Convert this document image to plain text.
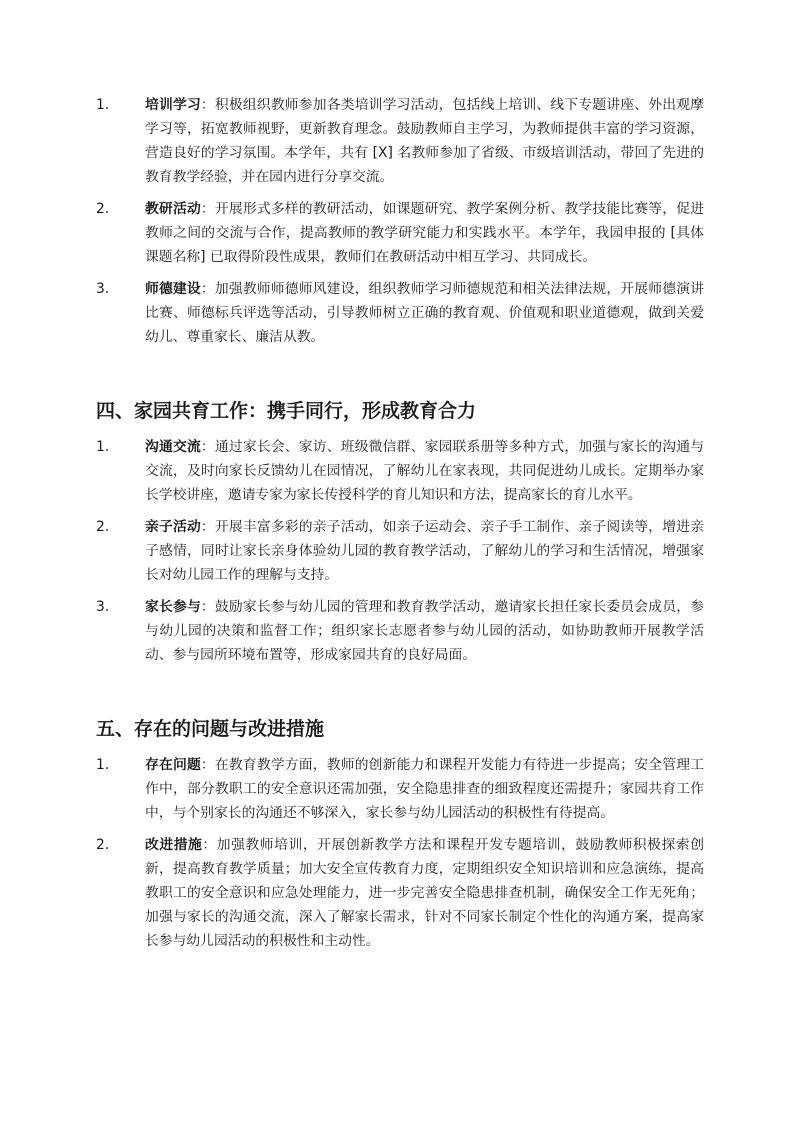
1.	培训学习：积极组织教师参加各类培训学习活动，包括线上培训、线下专题讲座、外出观摩学习等，拓宽教师视野，更新教育理念。鼓励教师自主学习，为教师提供丰富的学习资源，营造良好的学习氛围。本学年，共有 [X] 名教师参加了省级、市级培训活动，带回了先进的教育教学经验，并在园内进行分享交流。

2.	教研活动：开展形式多样的教研活动，如课题研究、教学案例分析、教学技能比赛等，促进教师之间的交流与合作，提高教师的教学研究能力和实践水平。本学年，我园申报的 [具体课题名称] 已取得阶段性成果，教师们在教研活动中相互学习、共同成长。

3.	师德建设：加强教师师德师风建设，组织教师学习师德规范和相关法律法规，开展师德演讲比赛、师德标兵评选等活动，引导教师树立正确的教育观、价值观和职业道德观，做到关爱幼儿、尊重家长、廉洁从教。

四、家园共育工作：携手同行，形成教育合力
1.	沟通交流：通过家长会、家访、班级微信群、家园联系册等多种方式，加强与家长的沟通与交流，及时向家长反馈幼儿在园情况，了解幼儿在家表现，共同促进幼儿成长。定期举办家长学校讲座，邀请专家为家长传授科学的育儿知识和方法，提高家长的育儿水平。

2.	亲子活动：开展丰富多彩的亲子活动，如亲子运动会、亲子手工制作、亲子阅读等，增进亲子感情，同时让家长亲身体验幼儿园的教育教学活动，了解幼儿的学习和生活情况，增强家长对幼儿园工作的理解与支持。

3.	家长参与：鼓励家长参与幼儿园的管理和教育教学活动，邀请家长担任家长委员会成员，参与幼儿园的决策和监督工作；组织家长志愿者参与幼儿园的活动，如协助教师开展教学活动、参与园所环境布置等，形成家园共育的良好局面。

五、存在的问题与改进措施
1.	存在问题：在教育教学方面，教师的创新能力和课程开发能力有待进一步提高；安全管理工作中，部分教职工的安全意识还需加强，安全隐患排查的细致程度还需提升；家园共育工作中，与个别家长的沟通还不够深入，家长参与幼儿园活动的积极性有待提高。

2.	改进措施：加强教师培训，开展创新教学方法和课程开发专题培训，鼓励教师积极探索创新，提高教育教学质量；加大安全宣传教育力度，定期组织安全知识培训和应急演练，提高教职工的安全意识和应急处理能力，进一步完善安全隐患排查机制，确保安全工作无死角；加强与家长的沟通交流，深入了解家长需求，针对不同家长制定个性化的沟通方案，提高家长参与幼儿园活动的积极性和主动性。
